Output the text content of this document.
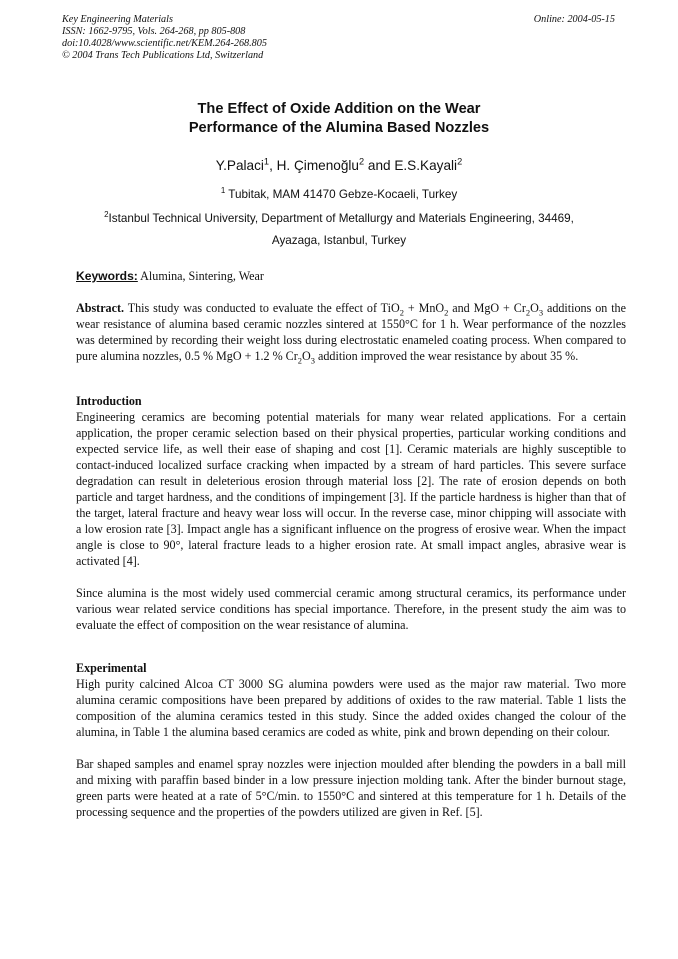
Key Engineering Materials
ISSN: 1662-9795, Vols. 264-268, pp 805-808
doi:10.4028/www.scientific.net/KEM.264-268.805
© 2004 Trans Tech Publications Ltd, Switzerland
Online: 2004-05-15
The Effect of Oxide Addition on the Wear
Performance of the Alumina Based Nozzles
Y.Palaci$^1$, H. Çimenoğlu$^2$ and E.S.Kayali$^2$
$^1$ Tubitak, MAM 41470 Gebze-Kocaeli, Turkey
$^2$Istanbul Technical University, Department of Metallurgy and Materials Engineering, 34469, Ayazaga, Istanbul, Turkey
Keywords: Alumina, Sintering, Wear

Abstract. This study was conducted to evaluate the effect of TiO$_2$ + MnO$_2$ and MgO + $Cr_2O_3$ additions on the wear resistance of alumina based ceramic nozzles sintered at 1550°C for 1 h. Wear performance of the nozzles was determined by recording their weight loss during electrostatic enameled coating process. When compared to pure alumina nozzles, 0.5 % MgO + 1.2 % $Cr_2O_3$ addition improved the wear resistance by about 35 %.

Introduction

Engineering ceramics are becoming potential materials for many wear related applications. For a certain application, the proper ceramic selection based on their physical properties, particular working conditions and expected service life, as well their ease of shaping and cost [1]. Ceramic materials are highly susceptible to contact-induced localized surface cracking when impacted by a stream of hard particles. This severe surface degradation can result in deleterious erosion through material loss [2]. The rate of erosion depends on both particle and target hardness, and the conditions of impingement [3]. If the particle hardness is higher than that of the target, lateral fracture and heavy wear loss will occur. In the reverse case, minor chipping will associate with a low erosion rate [3]. Impact angle has a significant influence on the progress of erosive wear. When the impact angle is close to 90°, lateral fracture leads to a higher erosion rate. At small impact angles, abrasive wear is activated [4].

Since alumina is the most widely used commercial ceramic among structural ceramics, its performance under various wear related service conditions has special importance. Therefore, in the present study the aim was to evaluate the effect of composition on the wear resistance of alumina.

Experimental

High purity calcined Alcoa CT 3000 SG alumina powders were used as the major raw material. Two more alumina ceramic compositions have been prepared by additions of oxides to the raw material. Table 1 lists the composition of the alumina ceramics tested in this study. Since the added oxides changed the colour of the alumina, in Table 1 the alumina based ceramics are coded as white, pink and brown depending on their colour.

Bar shaped samples and enamel spray nozzles were injection moulded after blending the powders in a ball mill and mixing with paraffin based binder in a low pressure injection molding tank. After the binder burnout stage, green parts were heated at a rate of 5°C/min. to 1550°C and sintered at this temperature for 1 h. Details of the processing sequence and the properties of the powders utilized are given in Ref. [5].
